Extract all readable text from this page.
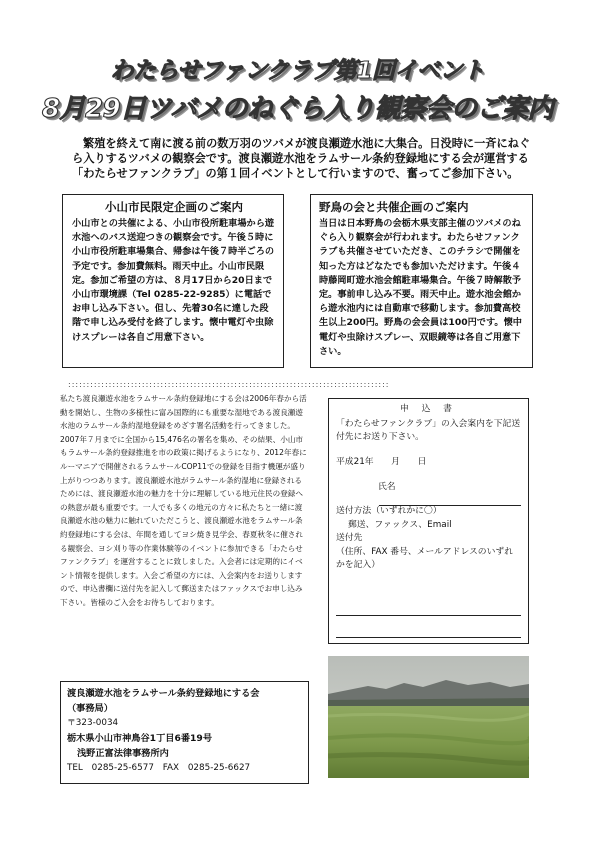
わたらせファンクラブ第1回イベント
8月29日ツバメのねぐら入り観察会のご案内
繁殖を終えて南に渡る前の数万羽のツバメが渡良瀬遊水池に大集合。日没時に一斉にねぐら入りするツバメの観察会です。渡良瀬遊水池をラムサール条約登録地にする会が運営する「わたらせファンクラブ」の第１回イベントとして行いますので、奮ってご参加下さい。
小山市民限定企画のご案内
小山市との共催による、小山市役所駐車場から遊水池へのバス送迎つきの観察会です。午後５時に小山市役所駐車場集合、帰参は午後７時半ごろの予定です。参加費無料。雨天中止。小山市民限定。参加ご希望の方は、８月17日から20日まで小山市環境課（Tel 0285-22-9285）に電話でお申し込み下さい。但し、先着30名に達した段階で申し込み受付を終了します。懐中電灯や虫除けスプレーは各自ご用意下さい。
野鳥の会と共催企画のご案内
当日は日本野鳥の会栃木県支部主催のツバメのねぐら入り観察会が行われます。わたらせファンクラブも共催させていただき、このチラシで開催を知った方はどなたでも参加いただけます。午後４時藤岡町遊水池会館駐車場集合。午後７時解散予定。事前申し込み不要。雨天中止。遊水池会館から遊水池内には自動車で移動します。参加費高校生以上200円。野鳥の会会員は100円です。懐中電灯や虫除けスプレー、双眼鏡等は各自ご用意下さい。
:::::::::::::::::::::::::::::::::::::::::::::::::::::::::::::::::::::::::::::::::::::::
私たち渡良瀬遊水池をラムサール条約登録地にする会は2006年春から活動を開始し、生物の多様性に富み国際的にも重要な湿地である渡良瀬遊水池のラムサール条約湿地登録をめざす署名活動を行ってきました。2007年７月までに全国から15,476名の署名を集め、その結果、小山市もラムサール条約登録推進を市の政策に掲げるようになり、2012年春にルーマニアで開催されるラムサールCOP11での登録を目指す機運が盛り上がりつつあります。渡良瀬遊水池がラムサール条約湿地に登録されるためには、渡良瀬遊水池の魅力を十分に理解している地元住民の登録への熱意が最も重要です。一人でも多くの地元の方々に私たちと一緒に渡良瀬遊水池の魅力に触れていただこうと、渡良瀬遊水池をラムサール条約登録地にする会は、年間を通してヨシ焼き見学会、春夏秋冬に催される観察会、ヨシ刈り等の作業体験等のイベントに参加できる「わたらせファンクラブ」を運営することに致しました。入会者には定期的にイベント情報を提供します。入会ご希望の方には、入会案内をお送りしますので、申込書欄に送付先を記入して郵送またはファックスでお申し込み下さい。皆様のご入会をお待ちしております。
渡良瀬遊水池をラムサール条約登録地にする会
（事務局）
〒323-0034
栃木県小山市神鳥谷1丁目6番19号
浅野正富法律事務所内
TEL　0285-25-6577　FAX　0285-25-6627
申 込 書
「わたらせファンクラブ」の入会案内を下記送付先にお送り下さい。
平成21年　　月　　日
氏名
送付方法（いずれかに〇）
郵送、ファックス、Email
送付先
（住所、FAX 番号、メールアドレスのいずれかを記入）
